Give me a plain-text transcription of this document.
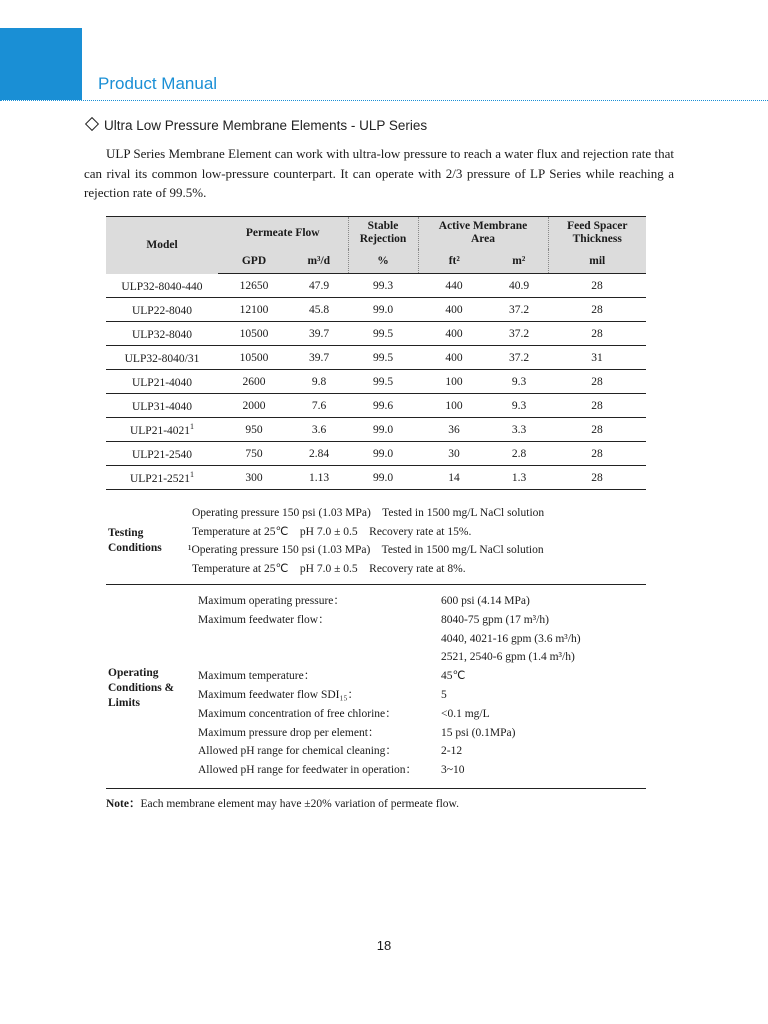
Product Manual
Ultra Low Pressure Membrane Elements - ULP Series

ULP Series Membrane Element can work with ultra-low pressure to reach a water flux and rejection rate that can rival its common low-pressure counterpart. It can operate with 2/3 pressure of LP Series while reaching a rejection rate of 99.5%.

Model	Permeate Flow		Stable Rejection	Active Membrane Area		Feed Spacer Thickness
	GPD	m³/d	%	ft²	m²	mil
ULP32-8040-440	12650	47.9	99.3	440	40.9	28
ULP22-8040	12100	45.8	99.0	400	37.2	28
ULP32-8040	10500	39.7	99.5	400	37.2	28
ULP32-8040/31	10500	39.7	99.5	400	37.2	31
ULP21-4040	2600	9.8	99.5	100	9.3	28
ULP31-4040	2000	7.6	99.6	100	9.3	28
ULP21-4021$^1$	950	3.6	99.0	36	3.3	28
ULP21-2540	750	2.84	99.0	30	2.8	28
ULP21-2521$^1$	300	1.13	99.0	14	1.3	28
Testing Conditions
Operating pressure 150 psi (1.03 MPa)    Tested in 1500 mg/L NaCl solution
Temperature at 25℃    pH 7.0 ± 0.5    Recovery rate at 15%.
¹Operating pressure 150 psi (1.03 MPa)    Tested in 1500 mg/L NaCl solution
Temperature at 25℃    pH 7.0 ± 0.5    Recovery rate at 8%.
Operating Conditions & Limits
Maximum operating pressure：	600 psi (4.14 MPa)
Maximum feedwater flow：	8040-75 gpm (17 m³/h)
4040, 4021-16 gpm (3.6 m³/h)
2521, 2540-6 gpm (1.4 m³/h)
Maximum temperature：	45℃
Maximum feedwater flow SDI₁₅：	5
Maximum concentration of free chlorine：	<0.1 mg/L
Maximum pressure drop per element：	15 psi (0.1MPa)
Allowed pH range for chemical cleaning：	2-12
Allowed pH range for feedwater in operation： 3~10
Note：Each membrane element may have ±20% variation of permeate flow.
18
